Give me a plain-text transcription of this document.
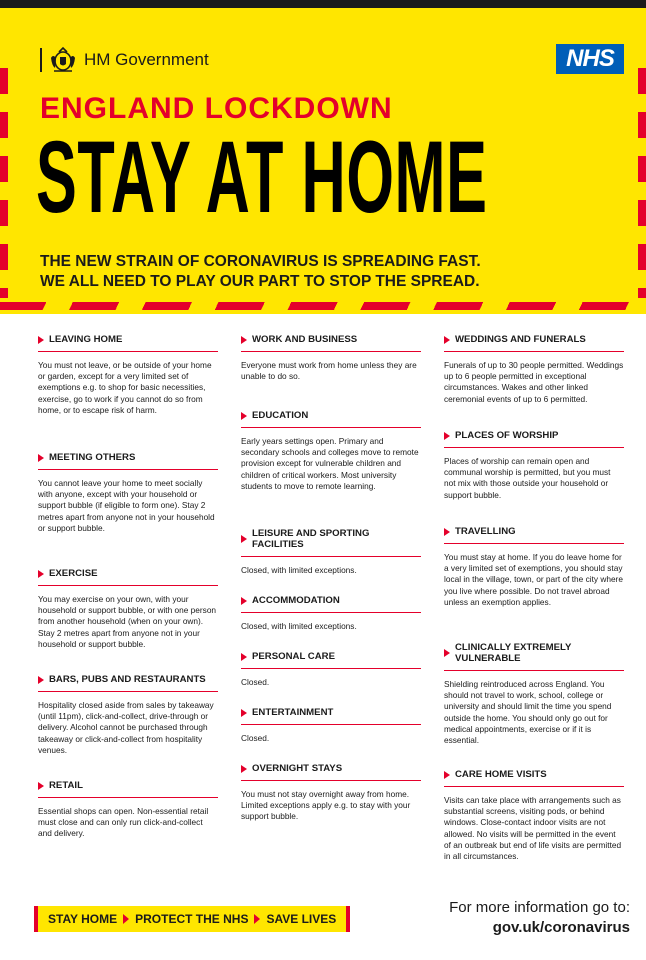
HM Government	NHS
ENGLAND LOCKDOWN
STAY AT HOME
THE NEW STRAIN OF CORONAVIRUS IS SPREADING FAST.
WE ALL NEED TO PLAY OUR PART TO STOP THE SPREAD.
LEAVING HOME
You must not leave, or be outside of your home or garden, except for a very limited set of exemptions e.g. to shop for basic necessities, exercise, go to work if you cannot do so from home, or to escape risk of harm.
MEETING OTHERS
You cannot leave your home to meet socially with anyone, except with your household or support bubble (if eligible to form one). Stay 2 metres apart from anyone not in your household or support bubble.
EXERCISE
You may exercise on your own, with your household or support bubble, or with one person from another household (when on your own). Stay 2 metres apart from anyone not in your household or support bubble.
BARS, PUBS AND RESTAURANTS
Hospitality closed aside from sales by takeaway (until 11pm), click-and-collect, drive-through or delivery. Alcohol cannot be purchased through takeaway or click-and-collect from hospitality venues.
RETAIL
Essential shops can open. Non-essential retail must close and can only run click-and-collect and delivery.
WORK AND BUSINESS
Everyone must work from home unless they are unable to do so.
EDUCATION
Early years settings open. Primary and secondary schools and colleges move to remote provision except for vulnerable children and children of critical workers. Most university students to move to remote learning.
LEISURE AND SPORTING FACILITIES
Closed, with limited exceptions.
ACCOMMODATION
Closed, with limited exceptions.
PERSONAL CARE
Closed.
ENTERTAINMENT
Closed.
OVERNIGHT STAYS
You must not stay overnight away from home. Limited exceptions apply e.g. to stay with your support bubble.
WEDDINGS AND FUNERALS
Funerals of up to 30 people permitted. Weddings up to 6 people permitted in exceptional circumstances. Wakes and other linked ceremonial events of up to 6 permitted.
PLACES OF WORSHIP
Places of worship can remain open and communal worship is permitted, but you must not mix with those outside your household or support bubble.
TRAVELLING
You must stay at home. If you do leave home for a very limited set of exemptions, you should stay local in the village, town, or part of the city where you live where possible. Do not travel abroad unless an exemption applies.
CLINICALLY EXTREMELY VULNERABLE
Shielding reintroduced across England. You should not travel to work, school, college or university and should limit the time you spend outside the home. You should only go out for medical appointments, exercise or if it is essential.
CARE HOME VISITS
Visits can take place with arrangements such as substantial screens, visiting pods, or behind windows. Close-contact indoor visits are not allowed. No visits will be permitted in the event of an outbreak but end of life visits are permitted in all circumstances.
STAY HOME PROTECT THE NHS SAVE LIVES
For more information go to:
gov.uk/coronavirus
